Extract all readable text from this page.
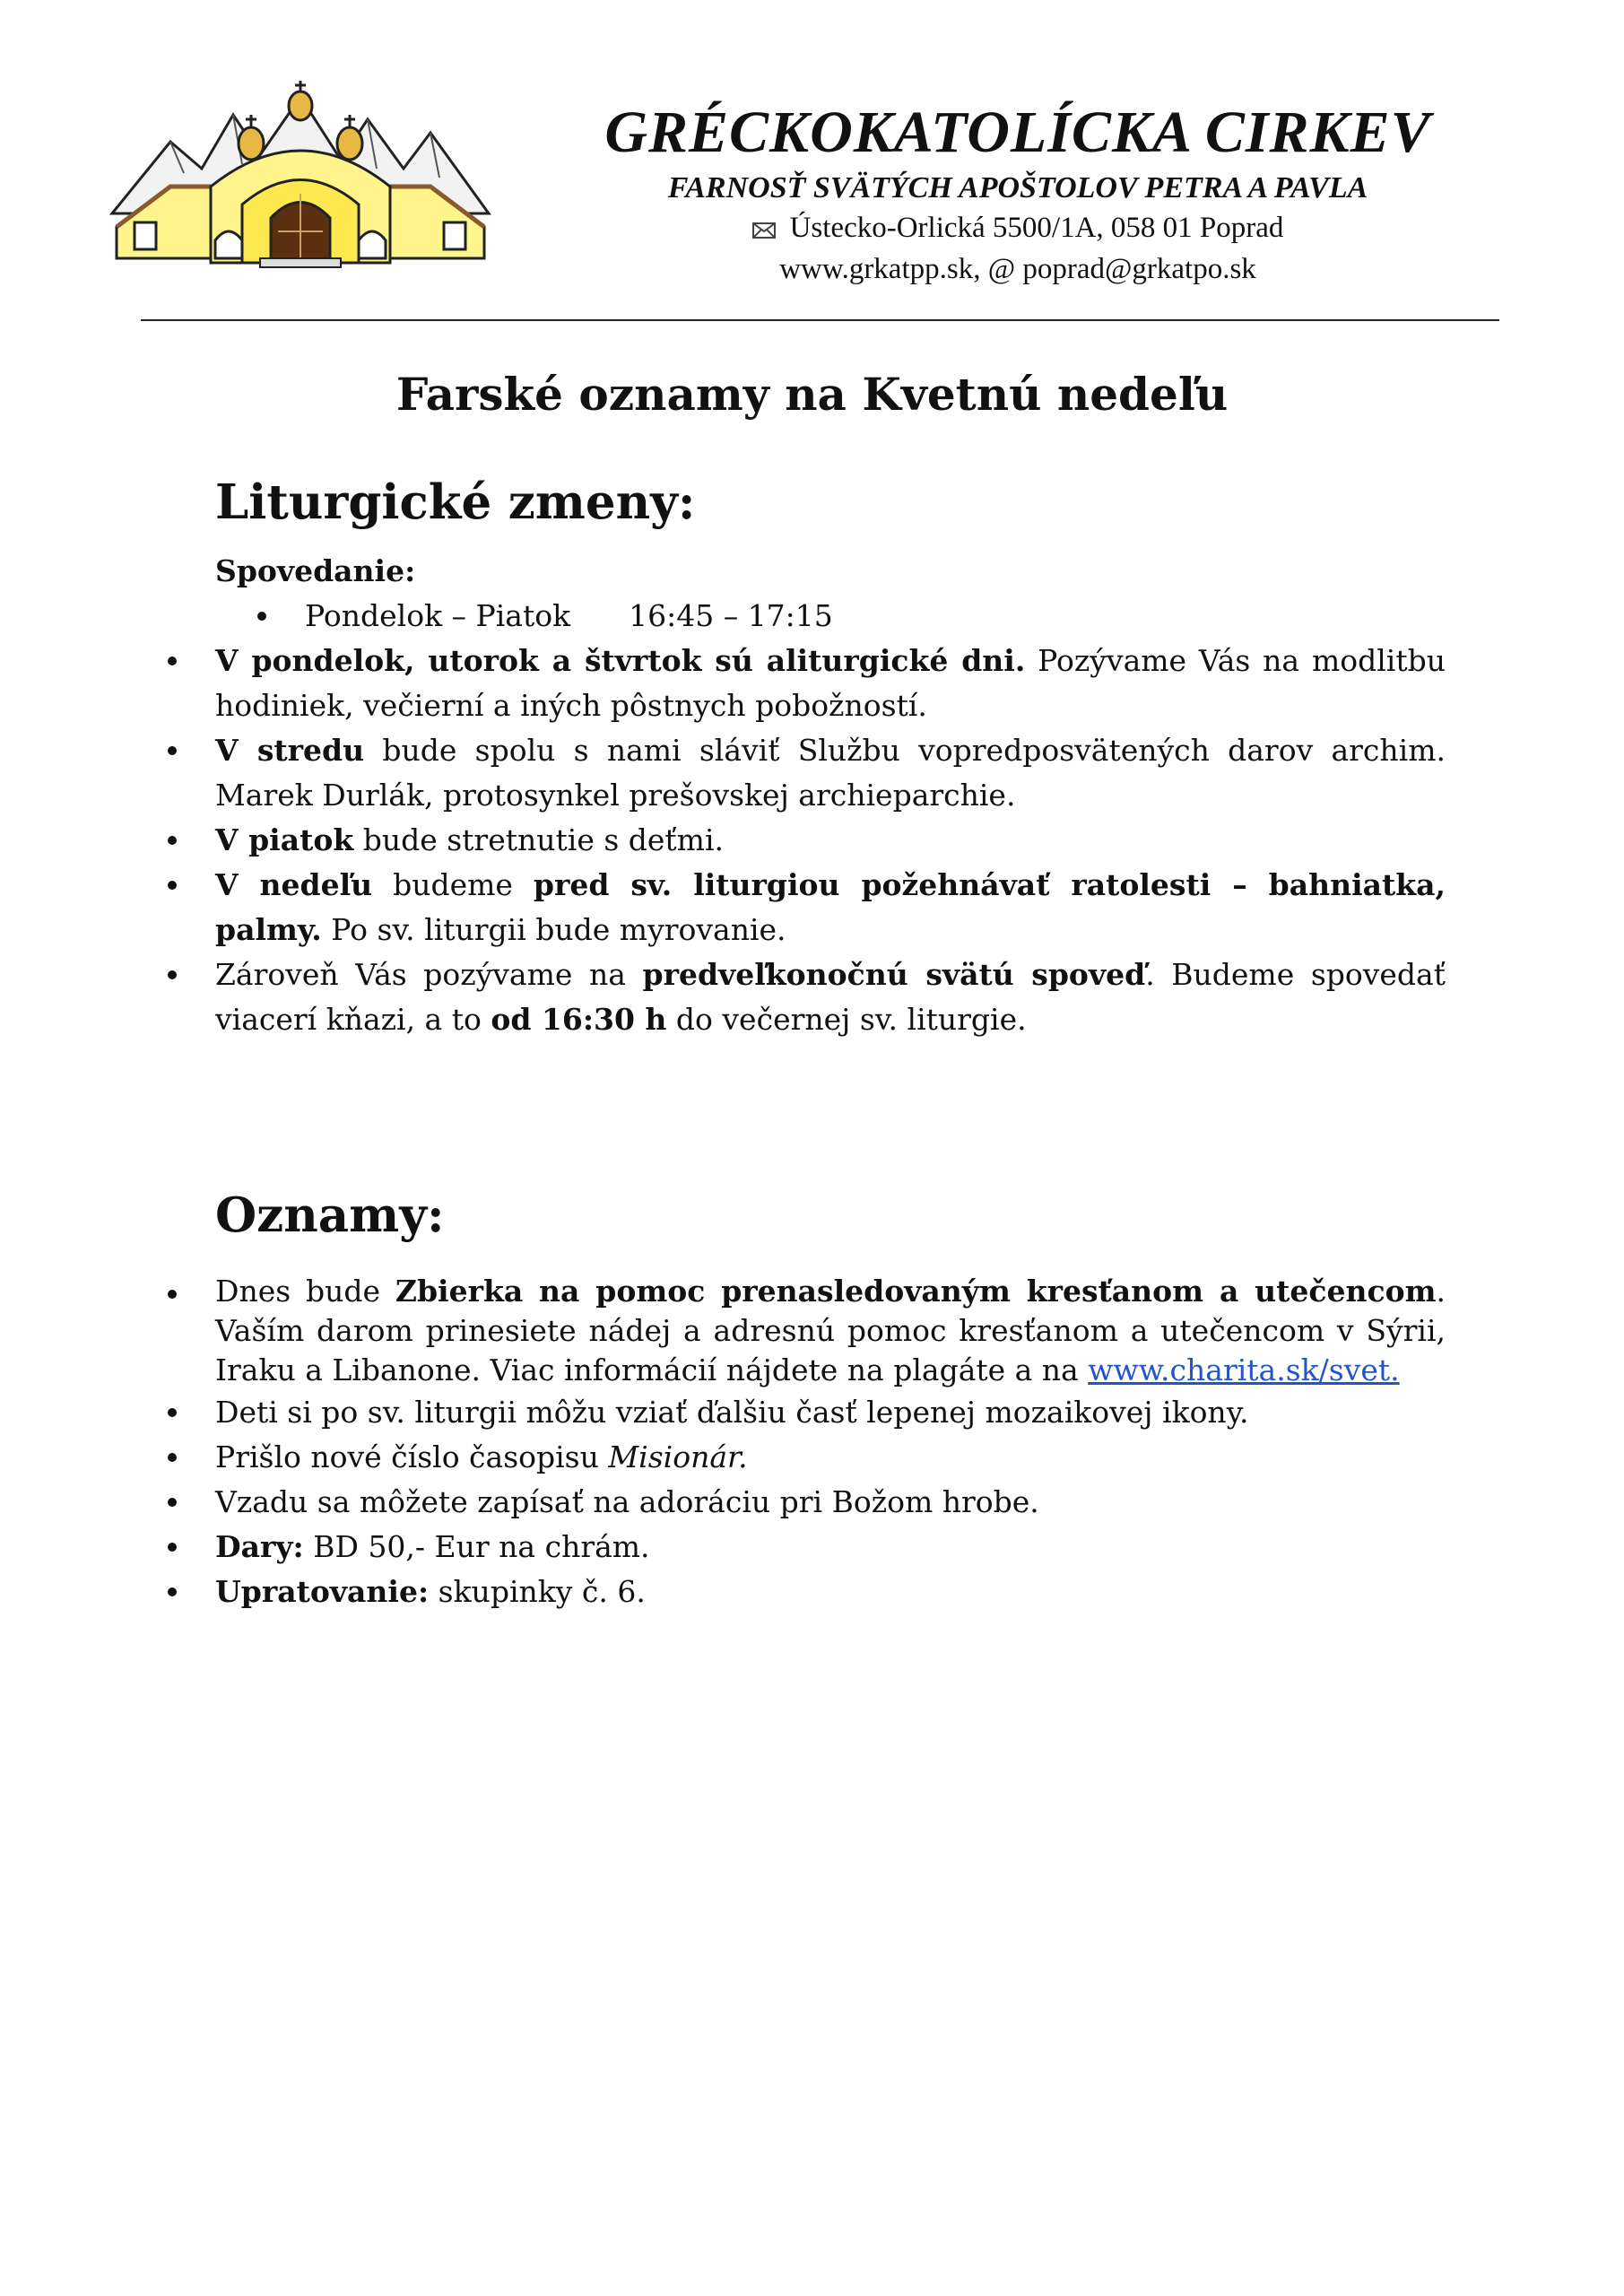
GRÉCKOKATOLÍCKA CIRKEV
FARNOSŤ SVÄTÝCH APOŠTOLOV PETRA A PAVLA
Ústecko-Orlická 5500/1A, 058 01 Poprad
www.grkatpp.sk, @ poprad@grkatpo.sk
Farské oznamy na Kvetnú nedeľu
Liturgické zmeny:
Spovedanie:
Pondelok – Piatok 16:45 – 17:15
V pondelok, utorok a štvrtok sú aliturgické dni. Pozývame Vás na modlitbu hodiniek, večierní a iných pôstnych pobožností.
V stredu bude spolu s nami sláviť Službu vopredposvätených darov archim. Marek Durlák, protosynkel prešovskej archieparchie.
V piatok bude stretnutie s deťmi.
V nedeľu budeme pred sv. liturgiou požehnávať ratolesti – bahniatka, palmy. Po sv. liturgii bude myrovanie.
Zároveň Vás pozývame na predveľkonočnú svätú spoveď. Budeme spovedať viacerí kňazi, a to od 16:30 h do večernej sv. liturgie.
Oznamy:
Dnes bude Zbierka na pomoc prenasledovaným kresťanom a utečencom. Vaším darom prinesiete nádej a adresnú pomoc kresťanom a utečencom v Sýrii, Iraku a Libanone. Viac informácií nájdete na plagáte a na www.charita.sk/svet.
Deti si po sv. liturgii môžu vziať ďalšiu časť lepenej mozaikovej ikony.
Prišlo nové číslo časopisu Misionár.
Vzadu sa môžete zapísať na adoráciu pri Božom hrobe.
Dary: BD 50,- Eur na chrám.
Upratovanie: skupinky č. 6.
